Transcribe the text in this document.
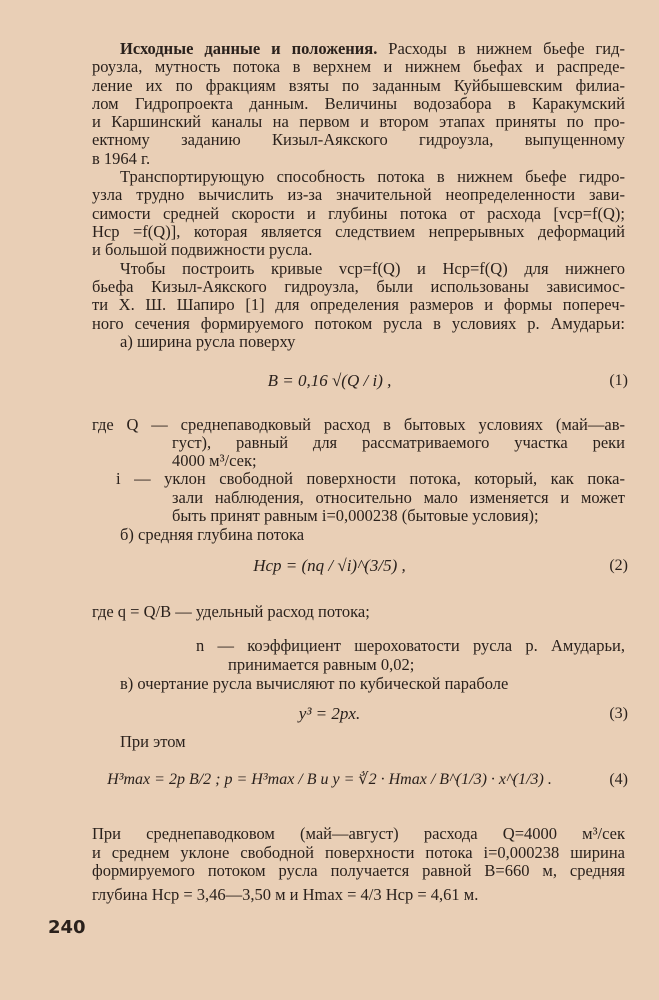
Исходные данные и положения. Расходы в нижнем бьефе гид-
роузла, мутность потока в верхнем и нижнем бьефах и распреде-
ление их по фракциям взяты по заданным Куйбышевским филиа-
лом Гидропроекта данным. Величины водозабора в Каракумский
и Каршинский каналы на первом и втором этапах приняты по про-
ектному заданию Кизыл-Аякского гидроузла, выпущенному
в 1964 г.
Транспортирующую способность потока в нижнем бьефе гидро-
узла трудно вычислить из-за значительной неопределенности зави-
симости средней скорости и глубины потока от расхода [vср=f(Q);
Hср =f(Q)], которая является следствием непрерывных деформаций
и большой подвижности русла.
Чтобы построить кривые vср=f(Q) и Hср=f(Q) для нижнего
бьефа Кизыл-Аякского гидроузла, были использованы зависимос-
ти Х. Ш. Шапиро [1] для определения размеров и формы попереч-
ного сечения формируемого потоком русла в условиях р. Амударьи:
а) ширина русла поверху
B = 0,16 √(Q / i) ,	(1)
где Q — среднепаводковый расход в бытовых условиях (май—ав-
густ), равный для рассматриваемого участка реки
4000 м³/сек;
i — уклон свободной поверхности потока, который, как пока-
зали наблюдения, относительно мало изменяется и может
быть принят равным i=0,000238 (бытовые условия);
б) средняя глубина потока
Hср = (nq / √i)^(3/5) ,	(2)
где q = Q/B — удельный расход потока;
n — коэффициент шероховатости русла р. Амударьи,
принимается равным 0,02;
в) очертание русла вычисляют по кубической параболе
y³ = 2px.	(3)
При этом
H³max = 2p B/2 ; p = H³max / B и y = ∛2 · Hmax / B^(1/3) · x^(1/3) .	(4)
При среднепаводковом (май—август) расхода Q=4000 м³/сек
и среднем уклоне свободной поверхности потока i=0,000238 ширина
формируемого потоком русла получается равной B=660 м, средняя
глубина Hср = 3,46—3,50 м и Hmax = 4/3 Hср = 4,61 м.
240
